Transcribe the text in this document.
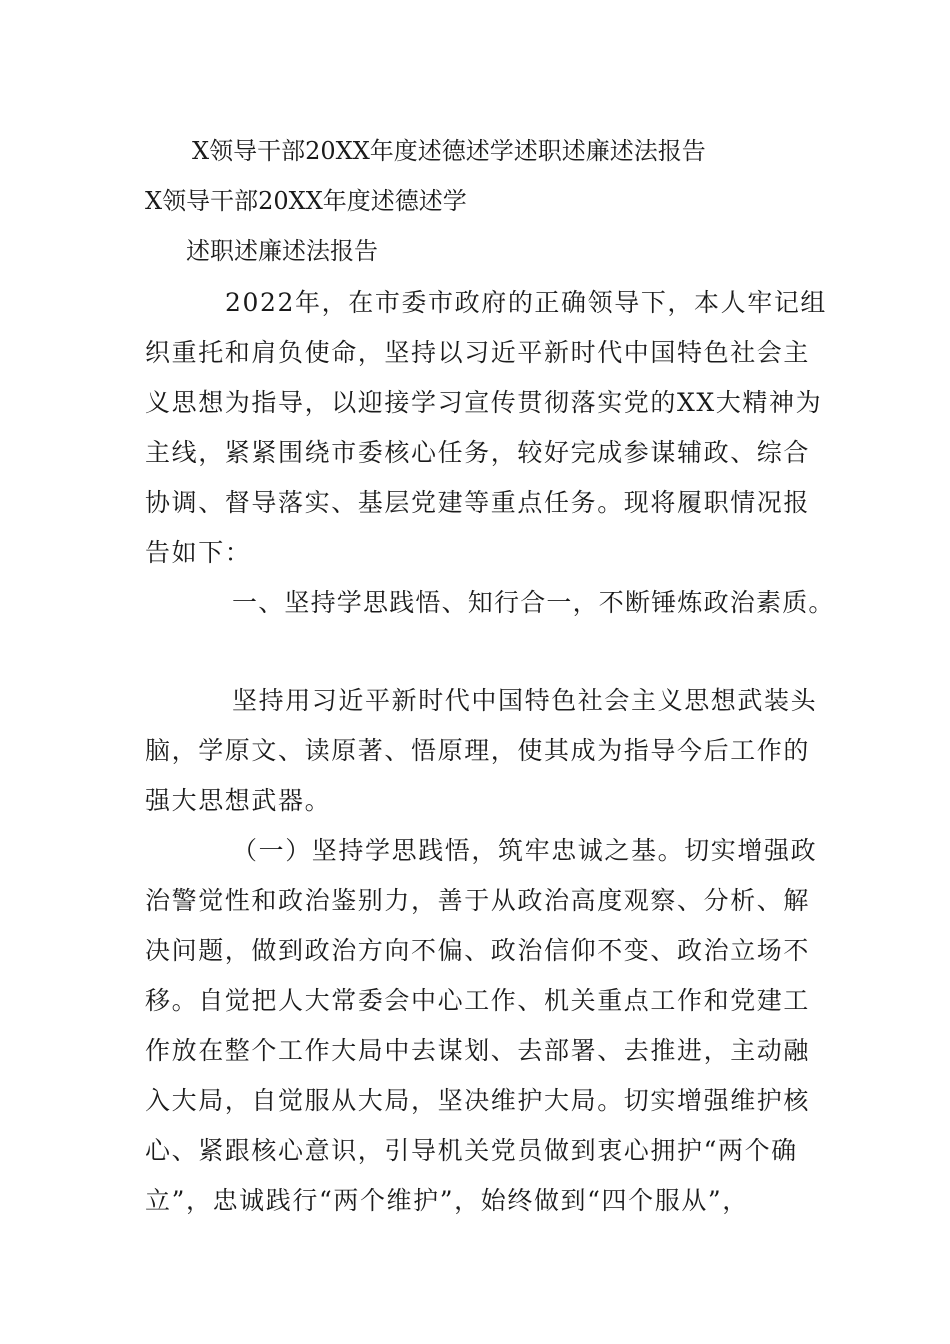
X领导干部20XX年度述德述学述职述廉述法报告
X领导干部20XX年度述德述学
述职述廉述法报告
2022年，在市委市政府的正确领导下，本人牢记组
织重托和肩负使命，坚持以习近平新时代中国特色社会主
义思想为指导，以迎接学习宣传贯彻落实党的XX大精神为
主线，紧紧围绕市委核心任务，较好完成参谋辅政、综合
协调、督导落实、基层党建等重点任务。现将履职情况报
告如下：
一、坚持学思践悟、知行合一，不断锤炼政治素质。
坚持用习近平新时代中国特色社会主义思想武装头
脑，学原文、读原著、悟原理，使其成为指导今后工作的
强大思想武器。
（一）坚持学思践悟，筑牢忠诚之基。切实增强政
治警觉性和政治鉴别力，善于从政治高度观察、分析、解
决问题，做到政治方向不偏、政治信仰不变、政治立场不
移。自觉把人大常委会中心工作、机关重点工作和党建工
作放在整个工作大局中去谋划、去部署、去推进，主动融
入大局，自觉服从大局，坚决维护大局。切实增强维护核
心、紧跟核心意识，引导机关党员做到衷心拥护“两个确
立”，忠诚践行“两个维护”，始终做到“四个服从”，
